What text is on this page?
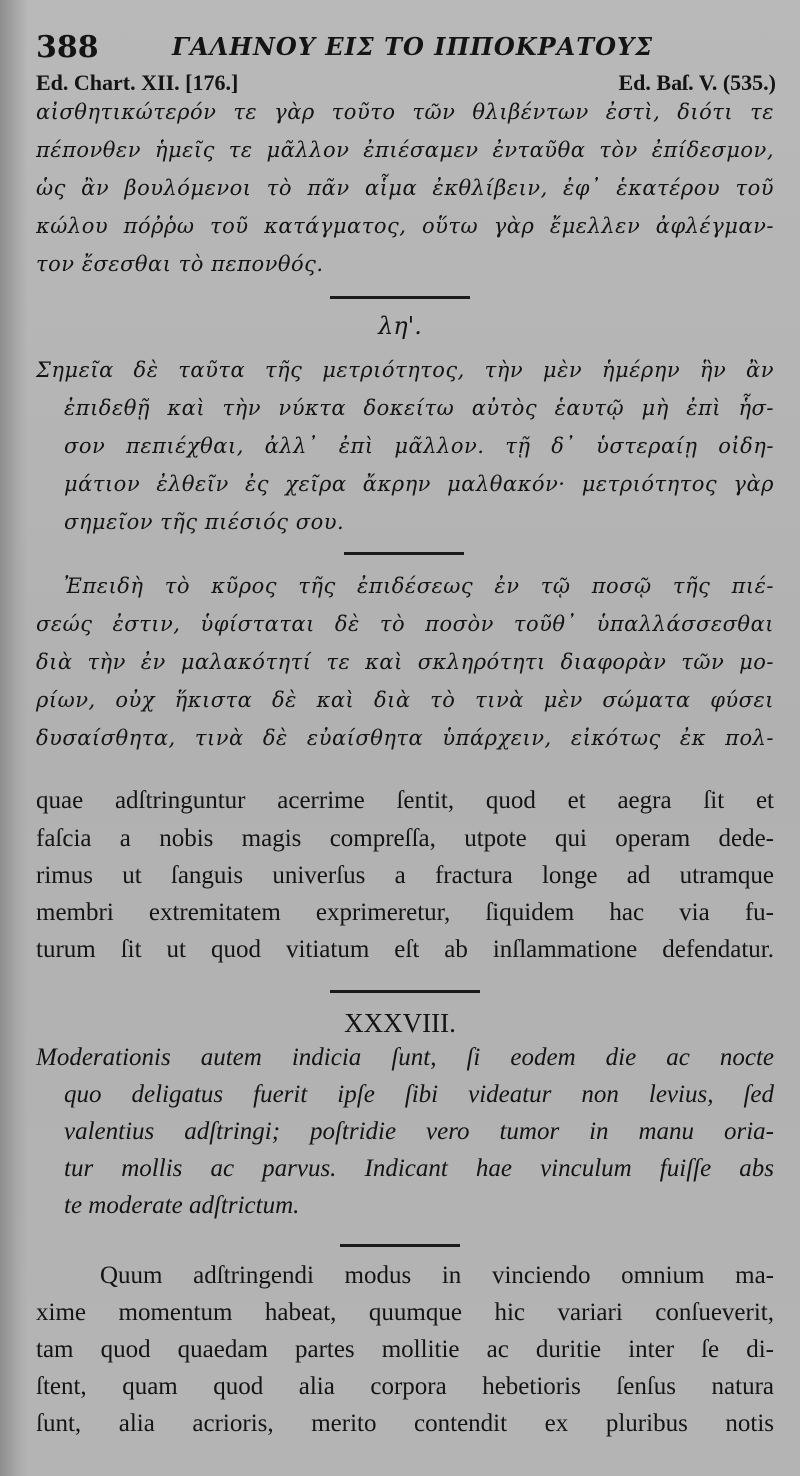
388	ΓΑΛΗΝΟΥ ΕΙΣ ΤΟ ΙΠΠΟΚΡΑΤΟΥΣ
Ed. Chart. XII. [176.]	Ed. Baſ. V. (535.)
αἰσθητικώτερόν τε γὰρ τοῦτο τῶν θλιβέντων ἐστὶ, διότι τε
πέπονθεν ἡμεῖς τε μᾶλλον ἐπιέσαμεν ἐνταῦθα τὸν ἐπίδεσμον,
ὡς ἂν βουλόμενοι τὸ πᾶν αἷμα ἐκθλίβειν, ἐφ᾽ ἑκατέρου τοῦ
κώλου πόῤῥω τοῦ κατάγματος, οὕτω γὰρ ἔμελλεν ἀφλέγμαν-
τον ἔσεσθαι τὸ πεπονθός.
λη'.
Σημεῖα δὲ ταῦτα τῆς μετριότητος, τὴν μὲν ἡμέρην ἣν ἂν
ἐπιδεθῇ καὶ τὴν νύκτα δοκείτω αὐτὸς ἑαυτῷ μὴ ἐπὶ ἧσ-
σον πεπιέχθαι, ἀλλ᾽ ἐπὶ μᾶλλον. τῇ δ᾽ ὑστεραίῃ οἰδη-
μάτιον ἐλθεῖν ἐς χεῖρα ἄκρην μαλθακόν· μετριότητος γὰρ
σημεῖον τῆς πιέσιός σου.
Ἐπειδὴ τὸ κῦρος τῆς ἐπιδέσεως ἐν τῷ ποσῷ τῆς πιέ-
σεώς ἐστιν, ὑφίσταται δὲ τὸ ποσὸν τοῦθ᾽ ὑπαλλάσσεσθαι
διὰ τὴν ἐν μαλακότητί τε καὶ σκληρότητι διαφορὰν τῶν μο-
ρίων, οὐχ ἥκιστα δὲ καὶ διὰ τὸ τινὰ μὲν σώματα φύσει
δυσαίσθητα, τινὰ δὲ εὐαίσθητα ὑπάρχειν, εἰκότως ἐκ πολ-
quae adſtringuntur acerrime ſentit, quod et aegra ſit et
faſcia a nobis magis compreſſa, utpote qui operam dede-
rimus ut ſanguis univerſus a fractura longe ad utramque
membri extremitatem exprimeretur, ſiquidem hac via fu-
turum ſit ut quod vitiatum eſt ab inſlammatione defendatur.
XXXVIII.
Moderationis autem indicia ſunt, ſi eodem die ac nocte
quo deligatus fuerit ipſe ſibi videatur non levius, ſed
valentius adſtringi; poſtridie vero tumor in manu oria-
tur mollis ac parvus. Indicant hae vinculum fuiſſe abs
te moderate adſtrictum.
Quum adſtringendi modus in vinciendo omnium ma-
xime momentum habeat, quumque hic variari conſueverit,
tam quod quaedam partes mollitie ac duritie inter ſe di-
ſtent, quam quod alia corpora hebetioris ſenſus natura
ſunt, alia acrioris, merito contendit ex pluribus notis
